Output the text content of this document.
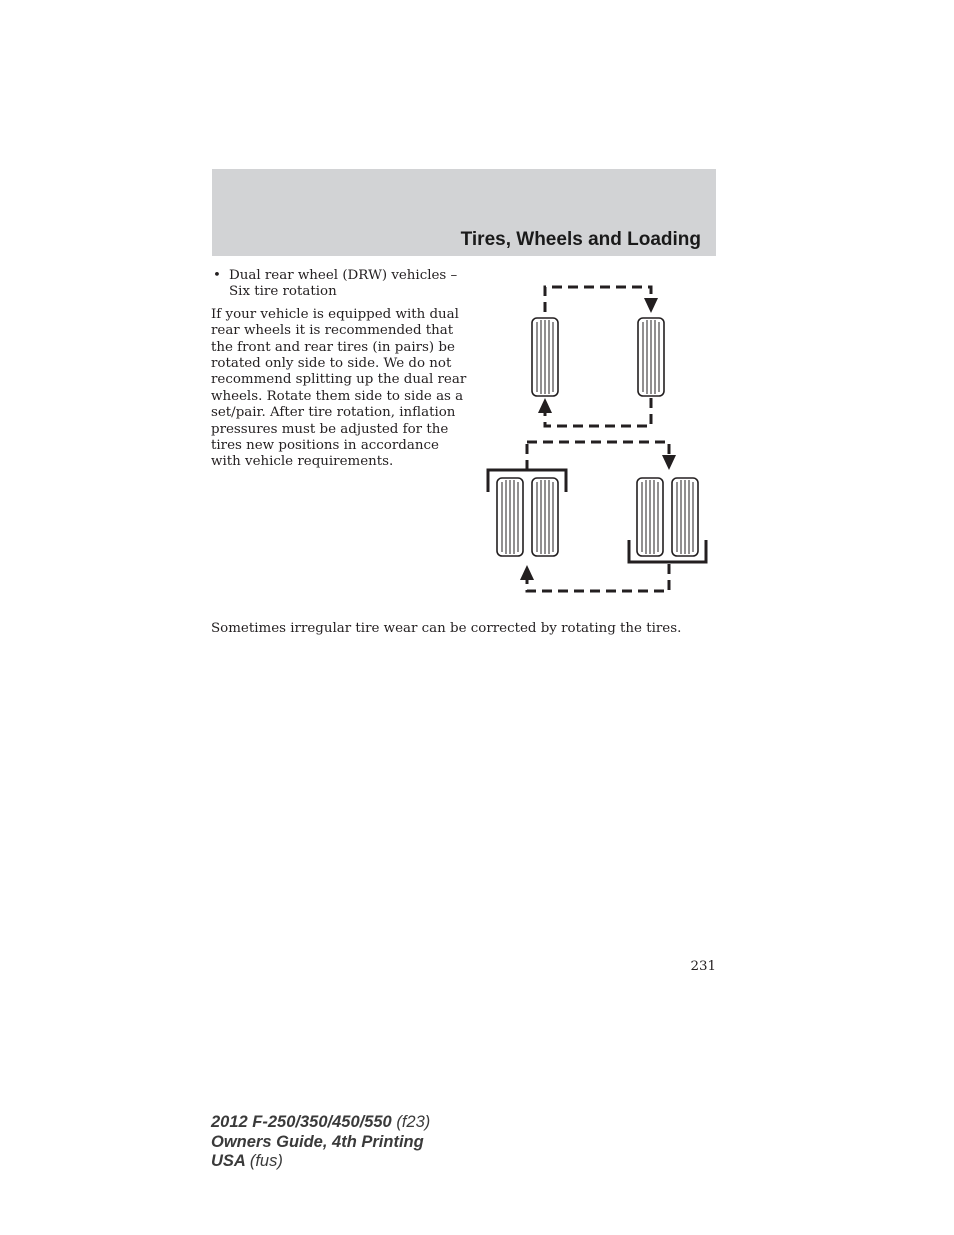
Tires, Wheels and Loading
• Dual rear wheel (DRW) vehicles – Six tire rotation

If your vehicle is equipped with dual rear wheels it is recommended that the front and rear tires (in pairs) be rotated only side to side. We do not recommend splitting up the dual rear wheels. Rotate them side to side as a set/pair. After tire rotation, inflation pressures must be adjusted for the tires new positions in accordance with vehicle requirements.

Sometimes irregular tire wear can be corrected by rotating the tires.

231
2012 F-250/350/450/550 (f23)
Owners Guide, 4th Printing
USA (fus)
